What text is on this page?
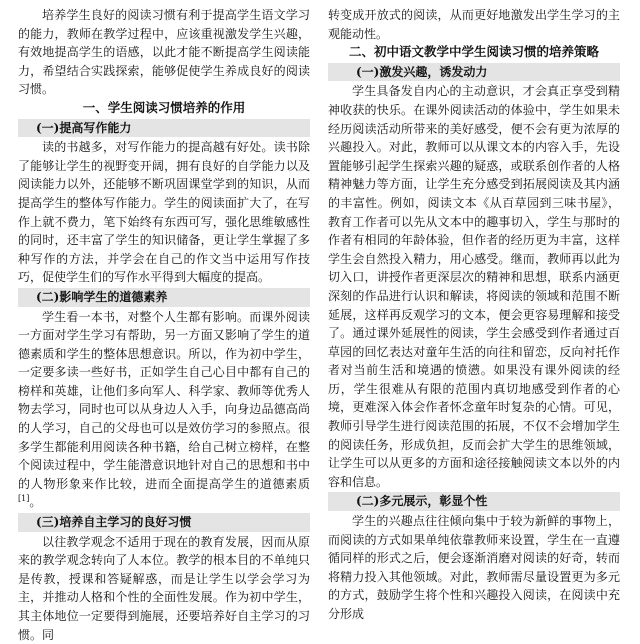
培养学生良好的阅读习惯有利于提高学生语文学习的能力，教师在教学过程中，应该重视激发学生兴趣，有效地提高学生的语感，以此才能不断提高学生阅读能力，希望结合实践探索，能够促使学生养成良好的阅读习惯。

一、学生阅读习惯培养的作用
(一)提高写作能力

读的书越多，对写作能力的提高越有好处。读书除了能够让学生的视野变开阔，拥有良好的自学能力以及阅读能力以外，还能够不断巩固课堂学到的知识，从而提高学生的整体写作能力。学生的阅读面扩大了，在写作上就不费力，笔下始终有东西可写，强化思维敏感性的同时，还丰富了学生的知识储备，更让学生掌握了多种写作的方法，并学会在自己的作文当中运用写作技巧，促使学生们的写作水平得到大幅度的提高。

(二)影响学生的道德素养

学生看一本书，对整个人生都有影响。而课外阅读一方面对学生学习有帮助，另一方面又影响了学生的道德素质和学生的整体思想意识。所以，作为初中学生，一定要多读一些好书，正如学生自己心目中都有自己的榜样和英雄，让他们多向军人、科学家、教师等优秀人物去学习，同时也可以从身边人入手，向身边品德高尚的人学习，自己的父母也可以是效仿学习的参照点。很多学生都能利用阅读各种书籍，给自己树立榜样，在整个阅读过程中，学生能潜意识地针对自己的思想和书中的人物形象来作比较，进而全面提高学生的道德素质[1]。

(三)培养自主学习的良好习惯

以往教学观念不适用于现在的教育发展，因而从原来的教学观念转向了人本位。教学的根本目的不单纯只是传教，授课和答疑解惑，而是让学生以学会学习为主，并推动人格和个性的全面性发展。作为初中学生，其主体地位一定要得到施展，还要培养好自主学习的习惯。同

转变成开放式的阅读，从而更好地激发出学生学习的主观能动性。

二、初中语文教学中学生阅读习惯的培养策略
(一)激发兴趣，诱发动力

学生具备发自内心的主动意识，才会真正享受到精神收获的快乐。在课外阅读活动的体验中，学生如果未经历阅读活动所带来的美好感受，便不会有更为浓厚的兴趣投入。对此，教师可以从课文本的内容入手，先设置能够引起学生探索兴趣的疑惑，或联系创作者的人格精神魅力等方面，让学生充分感受到拓展阅读及其内涵的丰富性。例如，阅读文本《从百草园到三味书屋》，教育工作者可以先从文本中的趣事切入，学生与那时的作者有相同的年龄体验，但作者的经历更为丰富，这样学生会自然投入精力，用心感受。继而，教师再以此为切入口，讲授作者更深层次的精神和思想，联系内涵更深刻的作品进行认识和解读，将阅读的领域和范围不断延展，这样再反观学习的文本，便会更容易理解和接受了。通过课外延展性的阅读，学生会感受到作者通过百草园的回忆表达对童年生活的向往和留恋，反向衬托作者对当前生活和境遇的愤懑。如果没有课外阅读的经历，学生很难从有限的范围内真切地感受到作者的心境，更难深入体会作者怀念童年时复杂的心情。可见，教师引导学生进行阅读范围的拓展，不仅不会增加学生的阅读任务，形成负担，反而会扩大学生的思维领域，让学生可以从更多的方面和途径接触阅读文本以外的内容和信息。

(二)多元展示，彰显个性

学生的兴趣点往往倾向集中于较为新鲜的事物上，而阅读的方式如果单纯依靠教师来设置，学生在一直遵循同样的形式之后，便会逐渐消磨对阅读的好奇，转而将精力投入其他领域。对此，教师需尽量设置更为多元的方式，鼓励学生将个性和兴趣投入阅读，在阅读中充分形成
